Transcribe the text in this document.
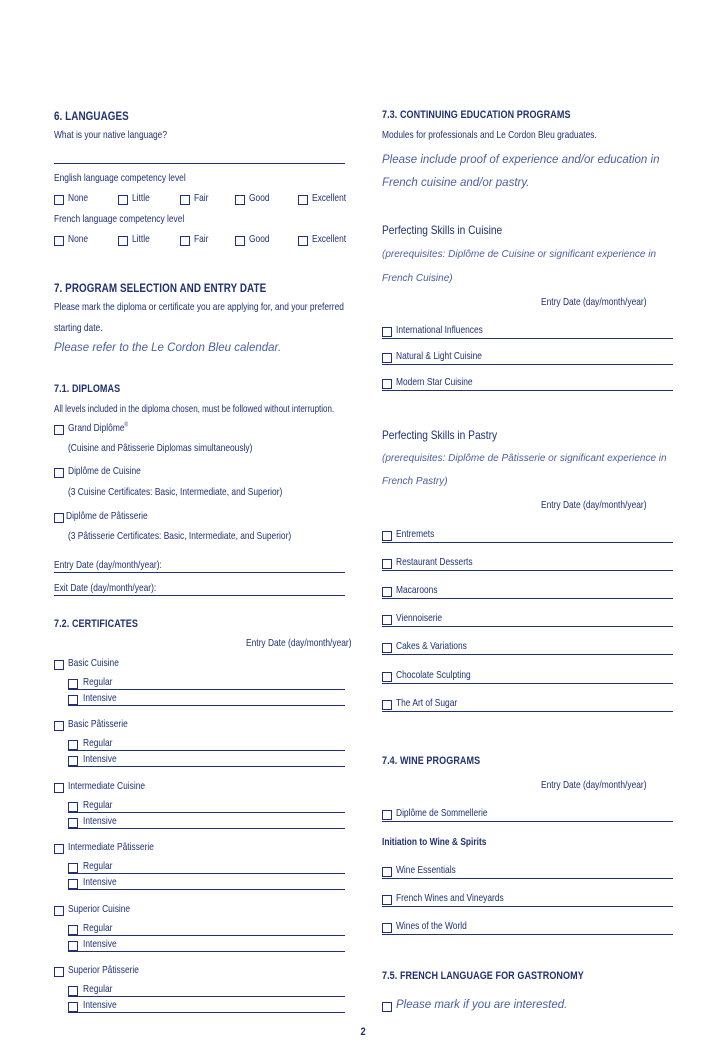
6. LANGUAGES
What is your native language?
English language competency level
None	Little	Fair	Good	Excellent
French language competency level
None	Little	Fair	Good	Excellent
7. PROGRAM SELECTION AND ENTRY DATE
Please mark the diploma or certificate you are applying for, and your preferred
starting date.
Please refer to the Le Cordon Bleu calendar.
7.1. DIPLOMAS
All levels included in the diploma chosen, must be followed without interruption.
Grand Diplôme®
(Cuisine and Pâtisserie Diplomas simultaneously)
Diplôme de Cuisine
(3 Cuisine Certificates: Basic, Intermediate, and Superior)
Diplôme de Pâtisserie
(3 Pâtisserie Certificates: Basic, Intermediate, and Superior)
Entry Date (day/month/year):
Exit Date (day/month/year):
7.2. CERTIFICATES
Entry Date (day/month/year)
Basic Cuisine
Regular
Intensive
Basic Pâtisserie
Regular
Intensive
Intermediate Cuisine
Regular
Intensive
Intermediate Pâtisserie
Regular
Intensive
Superior Cuisine
Regular
Intensive
Superior Pâtisserie
Regular
Intensive
7.3. CONTINUING EDUCATION PROGRAMS
Modules for professionals and Le Cordon Bleu graduates.
Please include proof of experience and/or education in
French cuisine and/or pastry.
Perfecting Skills in Cuisine
(prerequisites: Diplôme de Cuisine or significant experience in
French Cuisine)
Entry Date (day/month/year)
International Influences
Natural & Light Cuisine
Modern Star Cuisine
Perfecting Skills in Pastry
(prerequisites: Diplôme de Pâtisserie or significant experience in
French Pastry)
Entry Date (day/month/year)
Entremets
Restaurant Desserts
Macaroons
Viennoiserie
Cakes & Variations
Chocolate Sculpting
The Art of Sugar
7.4. WINE PROGRAMS
Entry Date (day/month/year)
Diplôme de Sommellerie
Initiation to Wine & Spirits
Wine Essentials
French Wines and Vineyards
Wines of the World
7.5. FRENCH LANGUAGE FOR GASTRONOMY
Please mark if you are interested.
2
